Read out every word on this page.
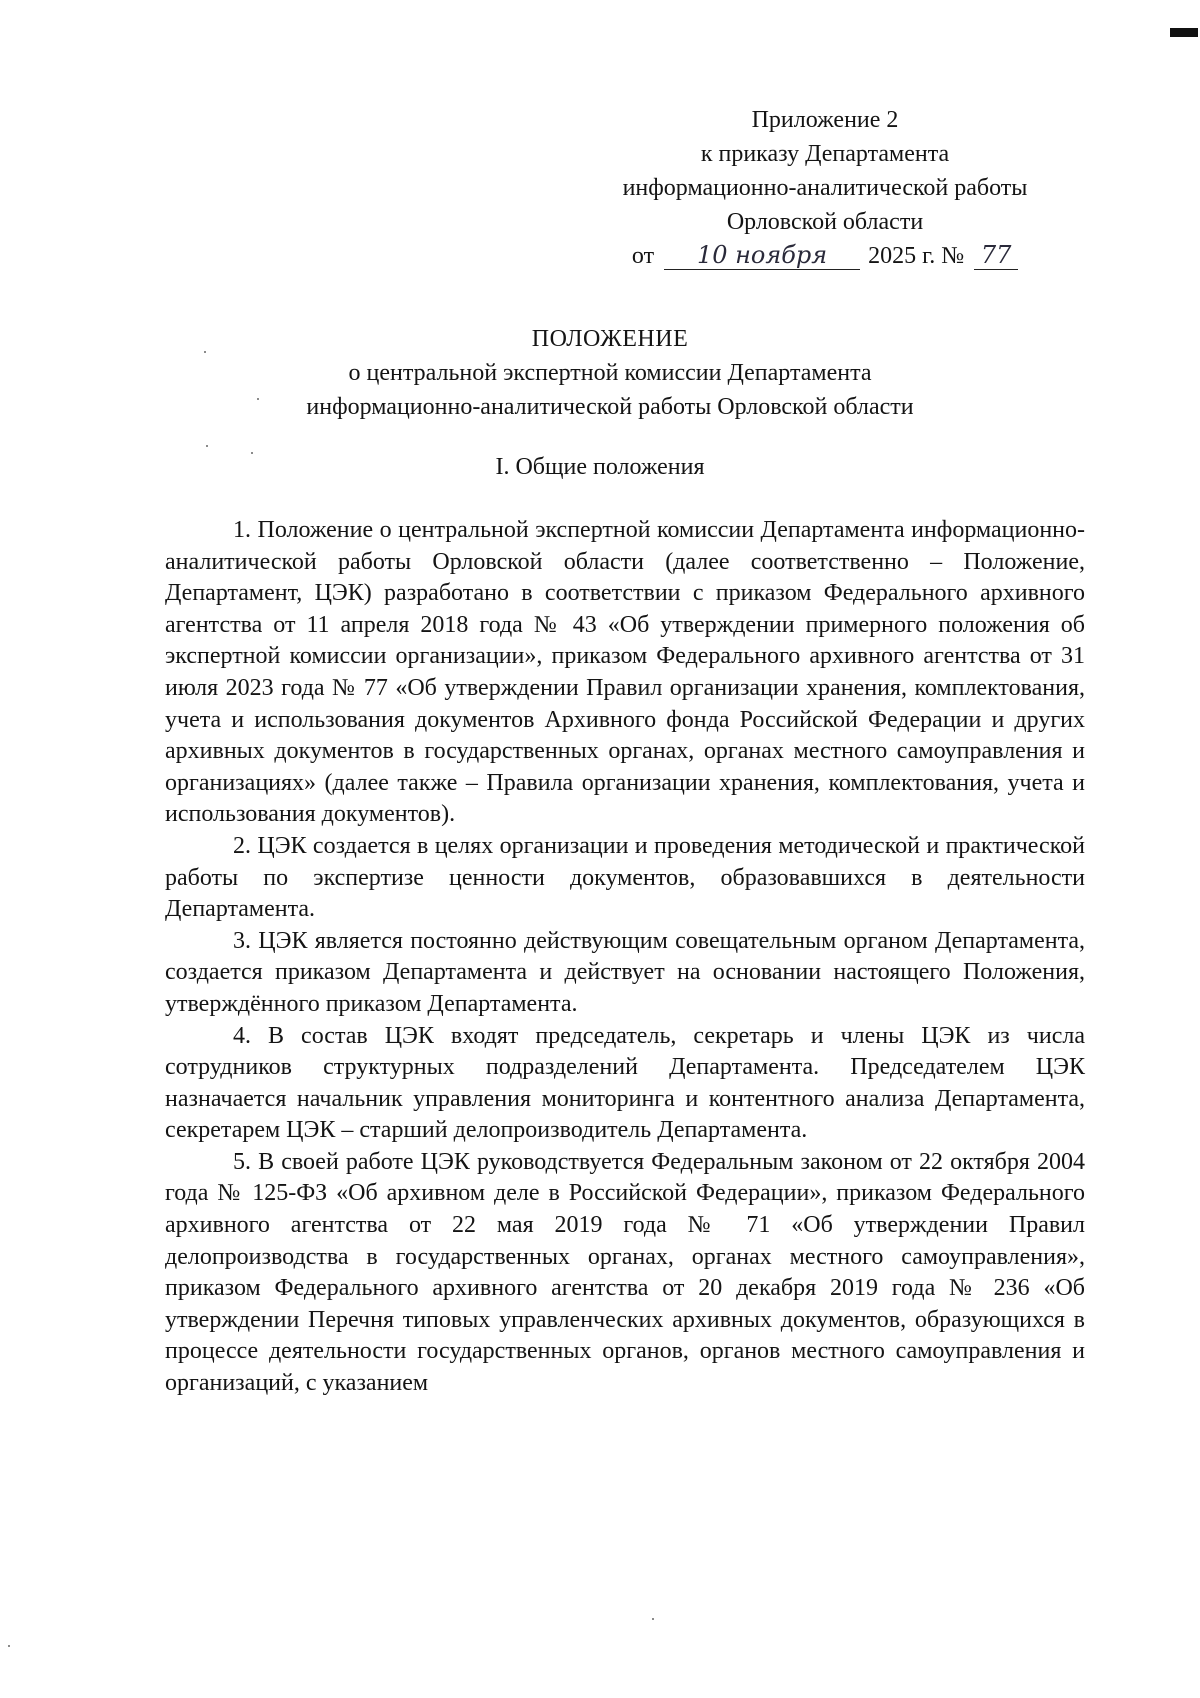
Приложение 2
к приказу Департамента
информационно-аналитической работы
Орловской области
от 10 ноября 2025 г. № 77
ПОЛОЖЕНИЕ
о центральной экспертной комиссии Департамента
информационно-аналитической работы Орловской области
I. Общие положения

1. Положение о центральной экспертной комиссии Департамента информационно-аналитической работы Орловской области (далее соответственно – Положение, Департамент, ЦЭК) разработано в соответствии с приказом Федерального архивного агентства от 11 апреля 2018 года № 43 «Об утверждении примерного положения об экспертной комиссии организации», приказом Федерального архивного агентства от 31 июля 2023 года № 77 «Об утверждении Правил организации хранения, комплектования, учета и использования документов Архивного фонда Российской Федерации и других архивных документов в государственных органах, органах местного самоуправления и организациях» (далее также – Правила организации хранения, комплектования, учета и использования документов).

2. ЦЭК создается в целях организации и проведения методической и практической работы по экспертизе ценности документов, образовавшихся в деятельности Департамента.

3. ЦЭК является постоянно действующим совещательным органом Департамента, создается приказом Департамента и действует на основании настоящего Положения, утверждённого приказом Департамента.

4. В состав ЦЭК входят председатель, секретарь и члены ЦЭК из числа сотрудников структурных подразделений Департамента. Председателем ЦЭК назначается начальник управления мониторинга и контентного анализа Департамента, секретарем ЦЭК – старший делопроизводитель Департамента.

5. В своей работе ЦЭК руководствуется Федеральным законом от 22 октября 2004 года № 125-ФЗ «Об архивном деле в Российской Федерации», приказом Федерального архивного агентства от 22 мая 2019 года № 71 «Об утверждении Правил делопроизводства в государственных органах, органах местного самоуправления», приказом Федерального архивного агентства от 20 декабря 2019 года № 236 «Об утверждении Перечня типовых управленческих архивных документов, образующихся в процессе деятельности государственных органов, органов местного самоуправления и организаций, с указанием
